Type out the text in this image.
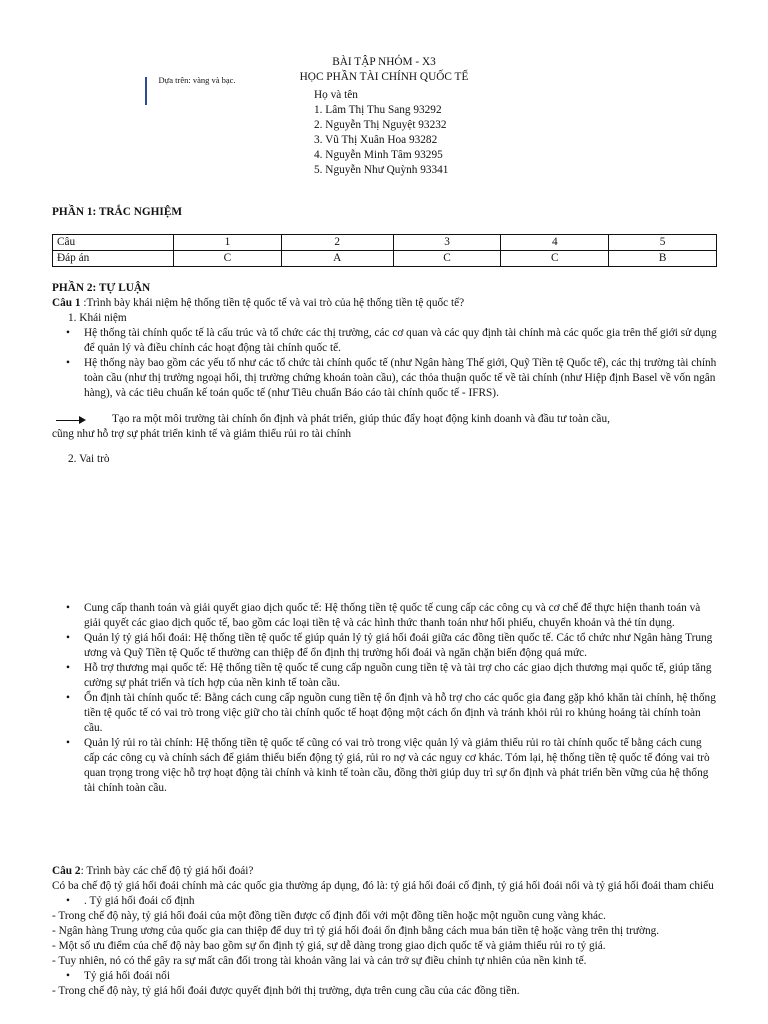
BÀI TẬP NHÓM - X3
HỌC PHẦN TÀI CHÍNH QUỐC TẾ
Dựa trên: vàng và bạc.
Họ và tên
1. Lâm Thị Thu Sang 93292
2. Nguyễn Thị Nguyệt 93232
3. Vũ Thị Xuân Hoa 93282
4. Nguyễn Minh Tâm 93295
5. Nguyễn Như Quỳnh 93341
PHẦN 1: TRẮC NGHIỆM
Câu	1	2	3	4	5
Đáp án	C	A	C	C	B
PHẦN 2: TỰ LUẬN
Câu 1 :Trình bày khái niệm hệ thống tiền tệ quốc tế và vai trò của hệ thống tiền tệ quốc tế?
1. Khái niệm
•	Hệ thống tài chính quốc tế là cấu trúc và tổ chức các thị trường, các cơ quan và các quy định tài chính mà các quốc gia trên thế giới sử dụng để quản lý và điều chỉnh các hoạt động tài chính quốc tế.
•	Hệ thống này bao gồm các yếu tố như các tổ chức tài chính quốc tế (như Ngân hàng Thế giới, Quỹ Tiền tệ Quốc tế), các thị trường tài chính toàn cầu (như thị trường ngoại hối, thị trường chứng khoán toàn cầu), các thỏa thuận quốc tế về tài chính (như Hiệp định Basel về vốn ngân hàng), và các tiêu chuẩn kế toán quốc tế (như Tiêu chuẩn Báo cáo tài chính quốc tế - IFRS).
Tạo ra một môi trường tài chính ổn định và phát triển, giúp thúc đẩy hoạt động kinh doanh và đầu tư toàn cầu,
cũng như hỗ trợ sự phát triển kinh tế và giảm thiểu rủi ro tài chính
2. Vai trò
•	Cung cấp thanh toán và giải quyết giao dịch quốc tế: Hệ thống tiền tệ quốc tế cung cấp các công cụ và cơ chế để thực hiện thanh toán và giải quyết các giao dịch quốc tế, bao gồm các loại tiền tệ và các hình thức thanh toán như hối phiếu, chuyển khoản và thẻ tín dụng.
•	Quản lý tỷ giá hối đoái: Hệ thống tiền tệ quốc tế giúp quản lý tỷ giá hối đoái giữa các đồng tiền quốc tế. Các tổ chức như Ngân hàng Trung ương và Quỹ Tiền tệ Quốc tế thường can thiệp để ổn định thị trường hối đoái và ngăn chặn biến động quá mức.
•	Hỗ trợ thương mại quốc tế: Hệ thống tiền tệ quốc tế cung cấp nguồn cung tiền tệ và tài trợ cho các giao dịch thương mại quốc tế, giúp tăng cường sự phát triển và tích hợp của nền kinh tế toàn cầu.
•	Ổn định tài chính quốc tế: Bằng cách cung cấp nguồn cung tiền tệ ổn định và hỗ trợ cho các quốc gia đang gặp khó khăn tài chính, hệ thống tiền tệ quốc tế có vai trò trong việc giữ cho tài chính quốc tế hoạt động một cách ổn định và tránh khỏi rủi ro khủng hoảng tài chính toàn cầu.
•	Quản lý rủi ro tài chính: Hệ thống tiền tệ quốc tế cũng có vai trò trong việc quản lý và giảm thiểu rủi ro tài chính quốc tế bằng cách cung cấp các công cụ và chính sách để giảm thiểu biến động tỷ giá, rủi ro nợ và các nguy cơ khác. Tóm lại, hệ thống tiền tệ quốc tế đóng vai trò quan trọng trong việc hỗ trợ hoạt động tài chính và kinh tế toàn cầu, đồng thời giúp duy trì sự ổn định và phát triển bền vững của hệ thống tài chính toàn cầu.
Câu 2: Trình bày các chế độ tỷ giá hối đoái?
Có ba chế độ tỷ giá hối đoái chính mà các quốc gia thường áp dụng, đó là: tỷ giá hối đoái cố định, tỷ giá hối đoái nổi và tỷ giá hối đoái tham chiếu
•	. Tỷ giá hối đoái cố định
- Trong chế độ này, tỷ giá hối đoái của một đồng tiền được cố định đối với một đồng tiền hoặc một nguồn cung vàng khác.
- Ngân hàng Trung ương của quốc gia can thiệp để duy trì tỷ giá hối đoái ổn định bằng cách mua bán tiền tệ hoặc vàng trên thị trường.
- Một số ưu điểm của chế độ này bao gồm sự ổn định tỷ giá, sự dễ dàng trong giao dịch quốc tế và giảm thiểu rủi ro tỷ giá.
- Tuy nhiên, nó có thể gây ra sự mất cân đối trong tài khoản vãng lai và cản trở sự điều chỉnh tự nhiên của nền kinh tế.
•	Tỷ giá hối đoái nổi
- Trong chế độ này, tỷ giá hối đoái được quyết định bởi thị trường, dựa trên cung cầu của các đồng tiền.
